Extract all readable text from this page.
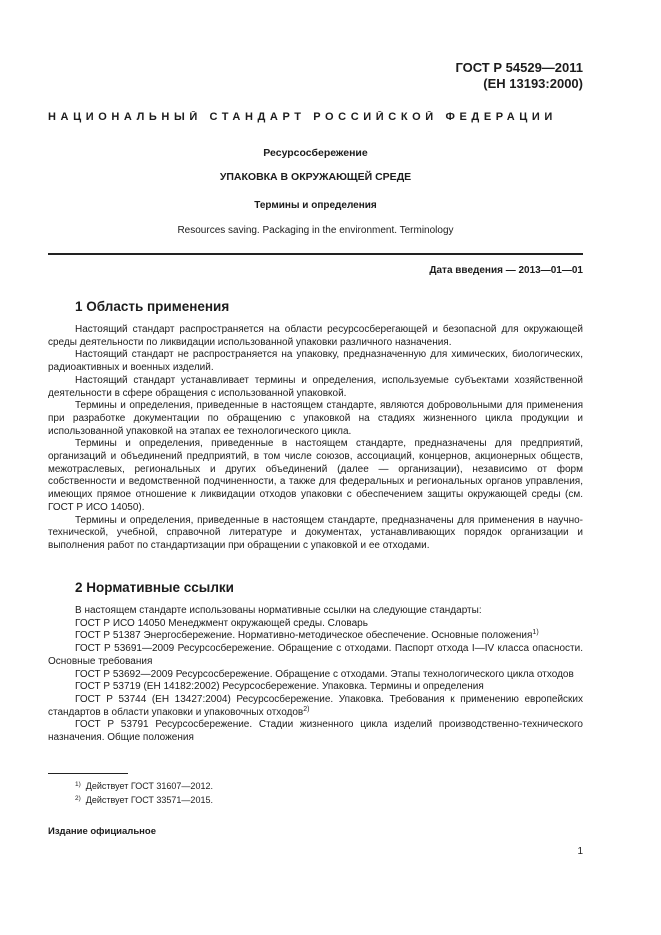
ГОСТ Р 54529—2011
(ЕН 13193:2000)
НАЦИОНАЛЬНЫЙ СТАНДАРТ РОССИЙСКОЙ ФЕДЕРАЦИИ
Ресурсосбережение
УПАКОВКА В ОКРУЖАЮЩЕЙ СРЕДЕ
Термины и определения
Resources saving. Packaging in the environment. Terminology
Дата введения — 2013—01—01
1 Область применения

Настоящий стандарт распространяется на области ресурсосберегающей и безопасной для окружающей среды деятельности по ликвидации использованной упаковки различного назначения.

Настоящий стандарт не распространяется на упаковку, предназначенную для химических, биологических, радиоактивных и военных изделий.

Настоящий стандарт устанавливает термины и определения, используемые субъектами хозяйственной деятельности в сфере обращения с использованной упаковкой.

Термины и определения, приведенные в настоящем стандарте, являются добровольными для применения при разработке документации по обращению с упаковкой на стадиях жизненного цикла продукции и использованной упаковкой на этапах ее технологического цикла.

Термины и определения, приведенные в настоящем стандарте, предназначены для предприятий, организаций и объединений предприятий, в том числе союзов, ассоциаций, концернов, акционерных обществ, межотраслевых, региональных и других объединений (далее — организации), независимо от форм собственности и ведомственной подчиненности, а также для федеральных и региональных органов управления, имеющих прямое отношение к ликвидации отходов упаковки с обеспечением защиты окружающей среды (см. ГОСТ Р ИСО 14050).

Термины и определения, приведенные в настоящем стандарте, предназначены для применения в научно-технической, учебной, справочной литературе и документах, устанавливающих порядок организации и выполнения работ по стандартизации при обращении с упаковкой и ее отходами.

2 Нормативные ссылки

В настоящем стандарте использованы нормативные ссылки на следующие стандарты:

ГОСТ Р ИСО 14050 Менеджмент окружающей среды. Словарь

ГОСТ Р 51387 Энергосбережение. Нормативно-методическое обеспечение. Основные положения$^{1)}$

ГОСТ Р 53691—2009 Ресурсосбережение. Обращение с отходами. Паспорт отхода I—IV класса опасности. Основные требования

ГОСТ Р 53692—2009 Ресурсосбережение. Обращение с отходами. Этапы технологического цикла отходов

ГОСТ Р 53719 (ЕН 14182:2002) Ресурсосбережение. Упаковка. Термины и определения

ГОСТ Р 53744 (ЕН 13427:2004) Ресурсосбережение. Упаковка. Требования к применению европейских стандартов в области упаковки и упаковочных отходов$^{2)}$

ГОСТ Р 53791 Ресурсосбережение. Стадии жизненного цикла изделий производственно-технического назначения. Общие положения

$^{1)}$ Действует ГОСТ 31607—2012.
$^{2)}$ Действует ГОСТ 33571—2015.
Издание официальное
1
